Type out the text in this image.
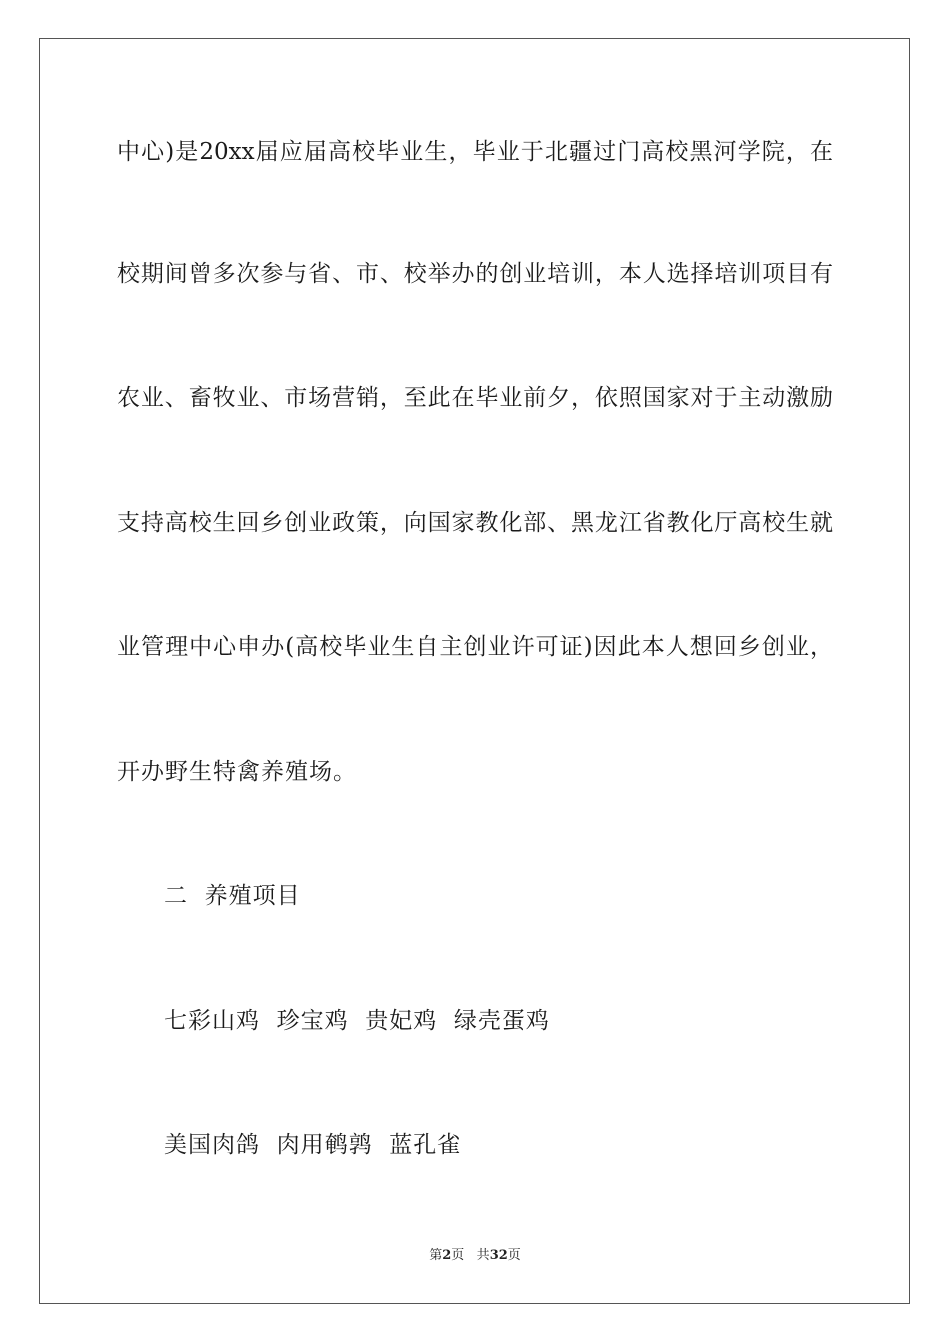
中心)是20xx届应届高校毕业生，毕业于北疆过门高校黑河学院，在
校期间曾多次参与省、市、校举办的创业培训，本人选择培训项目有
农业、畜牧业、市场营销，至此在毕业前夕，依照国家对于主动激励
支持高校生回乡创业政策，向国家教化部、黑龙江省教化厅高校生就
业管理中心申办(高校毕业生自主创业许可证)因此本人想回乡创业，
开办野生特禽养殖场。
二  养殖项目
七彩山鸡  珍宝鸡  贵妃鸡  绿壳蛋鸡
美国肉鸽  肉用鹌鹑  蓝孔雀
第2页 共32页
